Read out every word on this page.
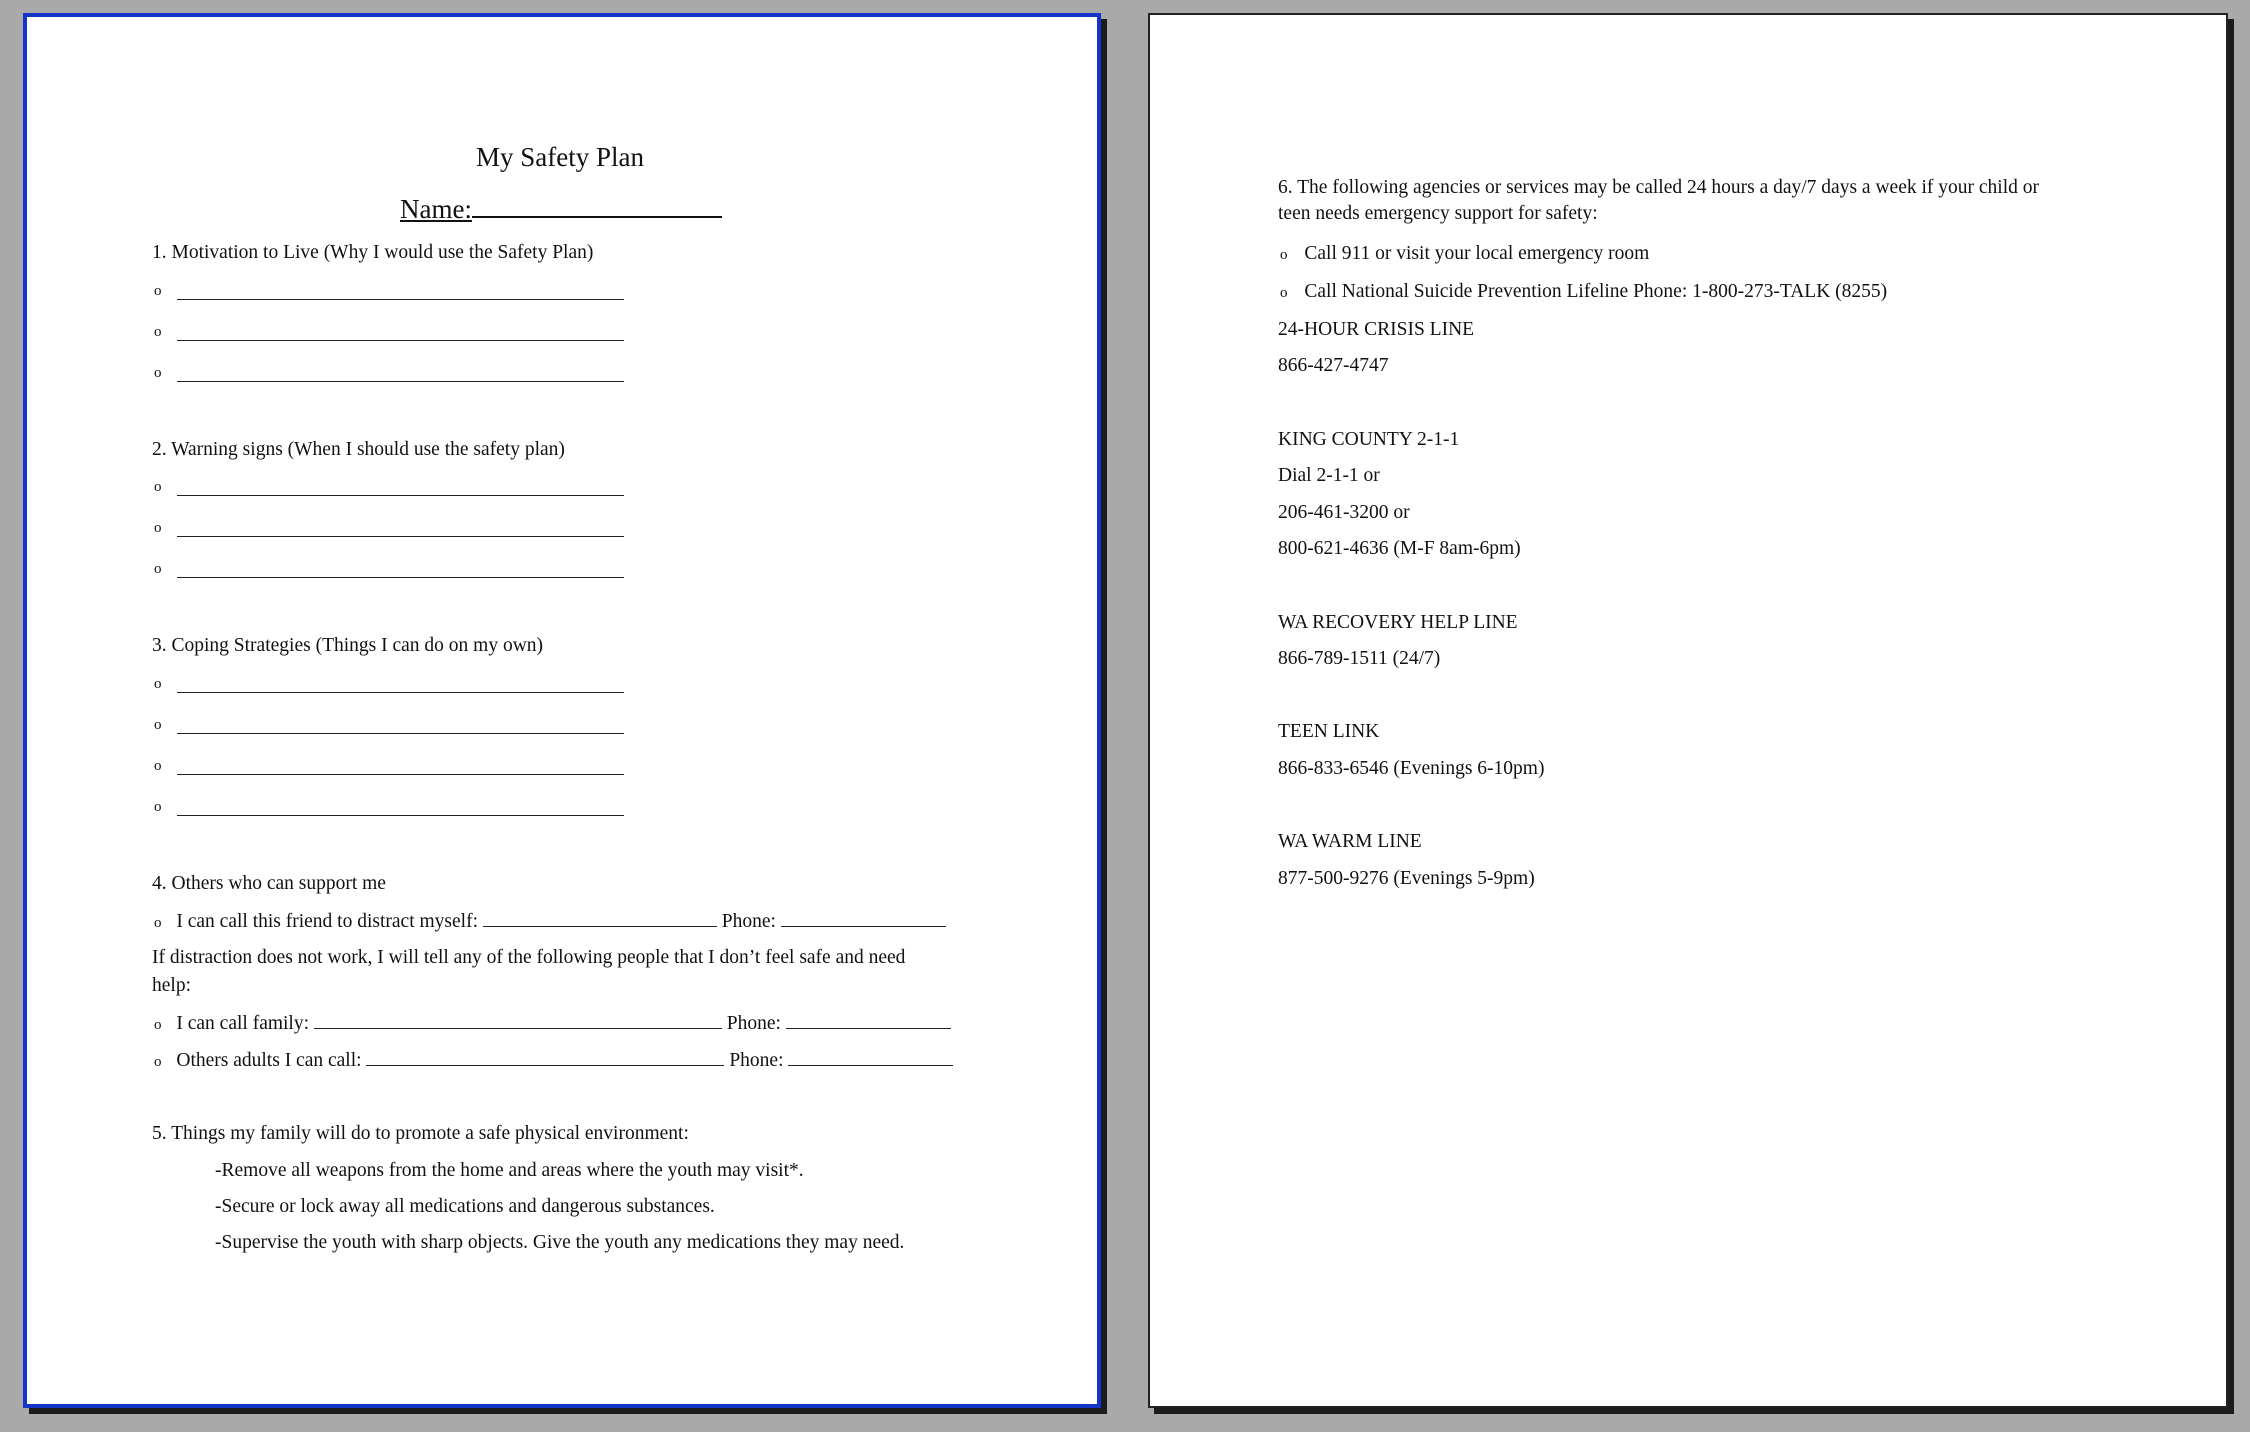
My Safety Plan
Name:
1. Motivation to Live (Why I would use the Safety Plan)
o
o
o
2. Warning signs (When I should use the safety plan)
o
o
o
3. Coping Strategies (Things I can do on my own)
o
o
o
o
4. Others who can support me
o I can call this friend to distract myself:	Phone:
If distraction does not work, I will tell any of the following people that I don’t feel safe and need
help:
o I can call family:	Phone:
o Others adults I can call:	Phone:
5. Things my family will do to promote a safe physical environment:
-Remove all weapons from the home and areas where the youth may visit*.
-Secure or lock away all medications and dangerous substances.
-Supervise the youth with sharp objects. Give the youth any medications they may need.
6. The following agencies or services may be called 24 hours a day/7 days a week if your child or
teen needs emergency support for safety:
o Call 911 or visit your local emergency room
o Call National Suicide Prevention Lifeline Phone: 1-800-273-TALK (8255)
24-HOUR CRISIS LINE
866-427-4747
KING COUNTY 2-1-1
Dial 2-1-1 or
206-461-3200 or
800-621-4636 (M-F 8am-6pm)
WA RECOVERY HELP LINE
866-789-1511 (24/7)
TEEN LINK
866-833-6546 (Evenings 6-10pm)
WA WARM LINE
877-500-9276 (Evenings 5-9pm)
